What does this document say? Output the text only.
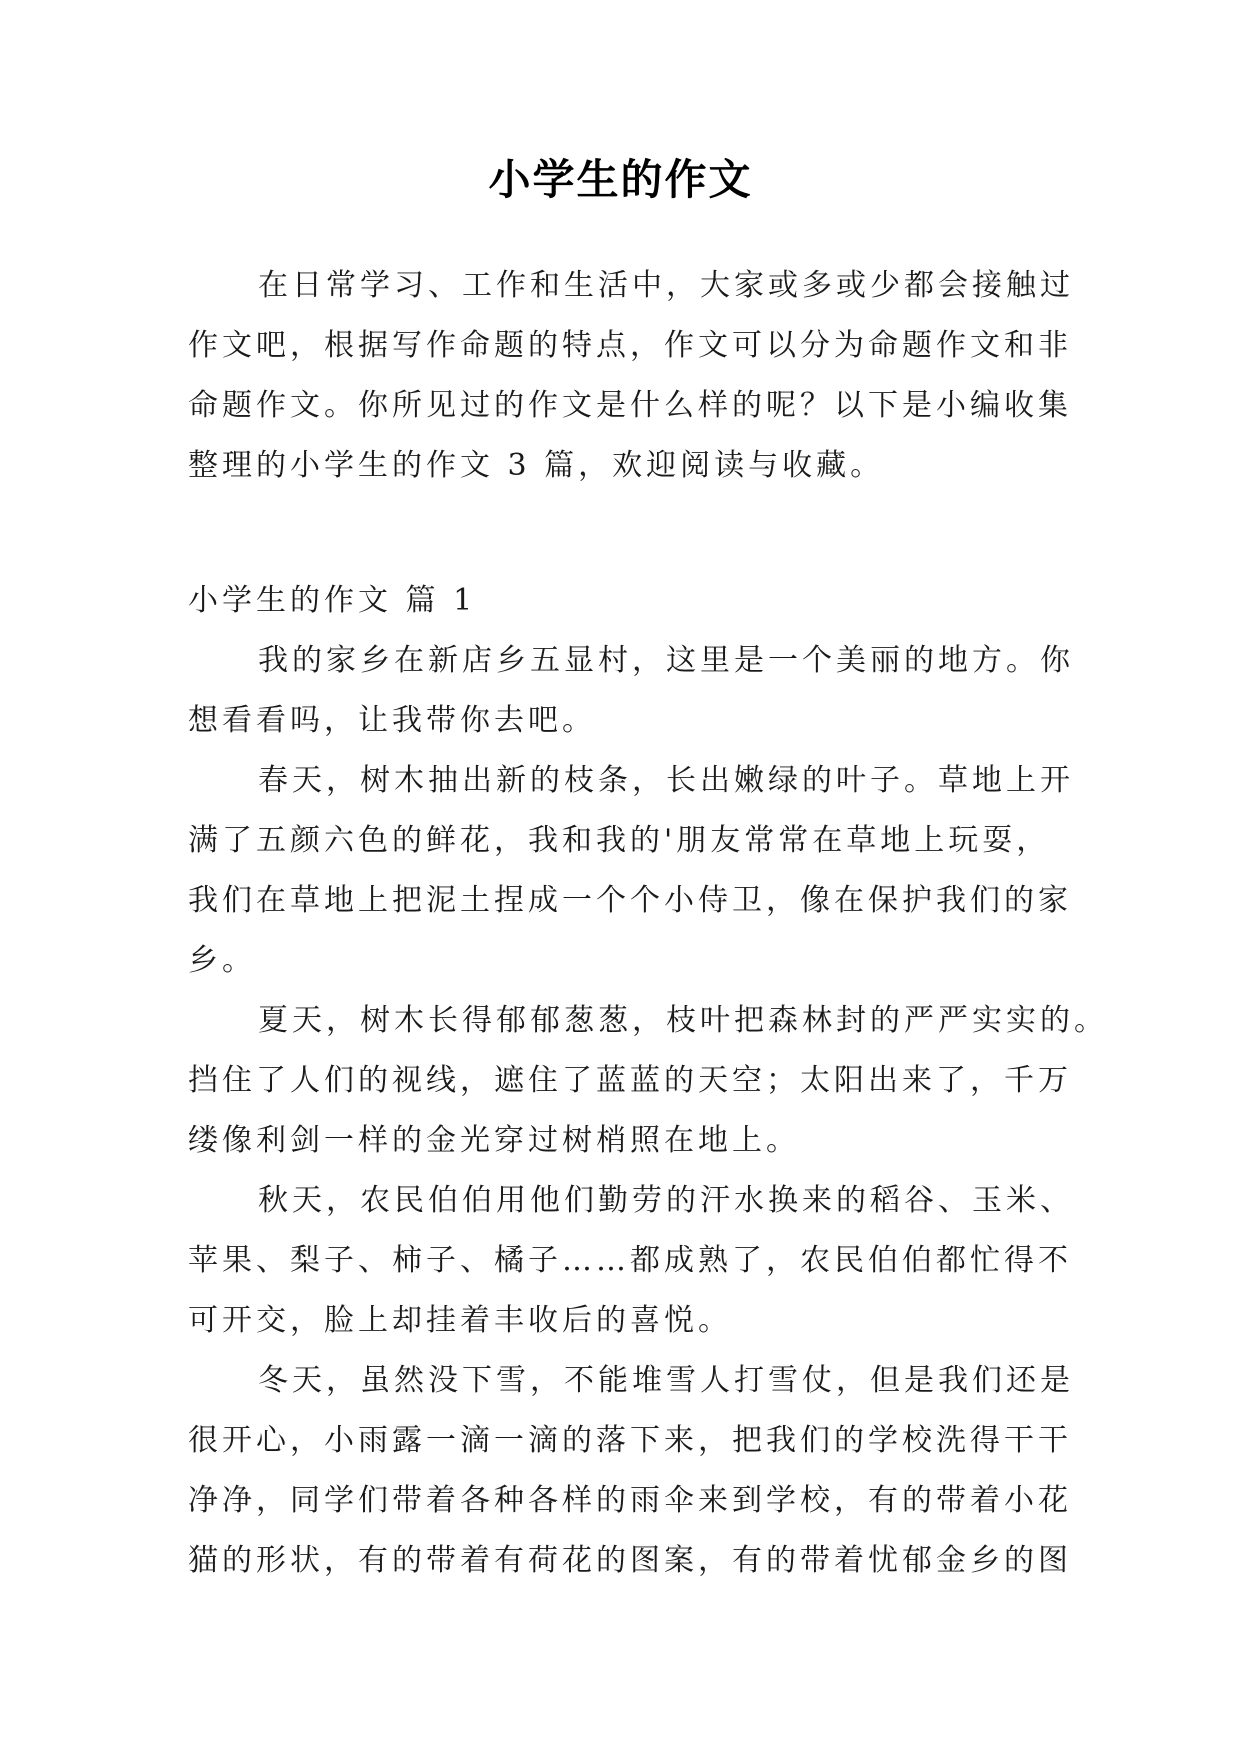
小学生的作文
在日常学习、工作和生活中，大家或多或少都会接触过
作文吧，根据写作命题的特点，作文可以分为命题作文和非
命题作文。你所见过的作文是什么样的呢？以下是小编收集
整理的小学生的作文 3 篇，欢迎阅读与收藏。
小学生的作文 篇 1
我的家乡在新店乡五显村，这里是一个美丽的地方。你
想看看吗，让我带你去吧。
春天，树木抽出新的枝条，长出嫩绿的叶子。草地上开
满了五颜六色的鲜花，我和我的'朋友常常在草地上玩耍，
我们在草地上把泥土捏成一个个小侍卫，像在保护我们的家
乡。
夏天，树木长得郁郁葱葱，枝叶把森林封的严严实实的。
挡住了人们的视线，遮住了蓝蓝的天空；太阳出来了，千万
缕像利剑一样的金光穿过树梢照在地上。
秋天，农民伯伯用他们勤劳的汗水换来的稻谷、玉米、
苹果、梨子、柿子、橘子……都成熟了，农民伯伯都忙得不
可开交，脸上却挂着丰收后的喜悦。
冬天，虽然没下雪，不能堆雪人打雪仗，但是我们还是
很开心，小雨露一滴一滴的落下来，把我们的学校洗得干干
净净，同学们带着各种各样的雨伞来到学校，有的带着小花
猫的形状，有的带着有荷花的图案，有的带着忧郁金乡的图
